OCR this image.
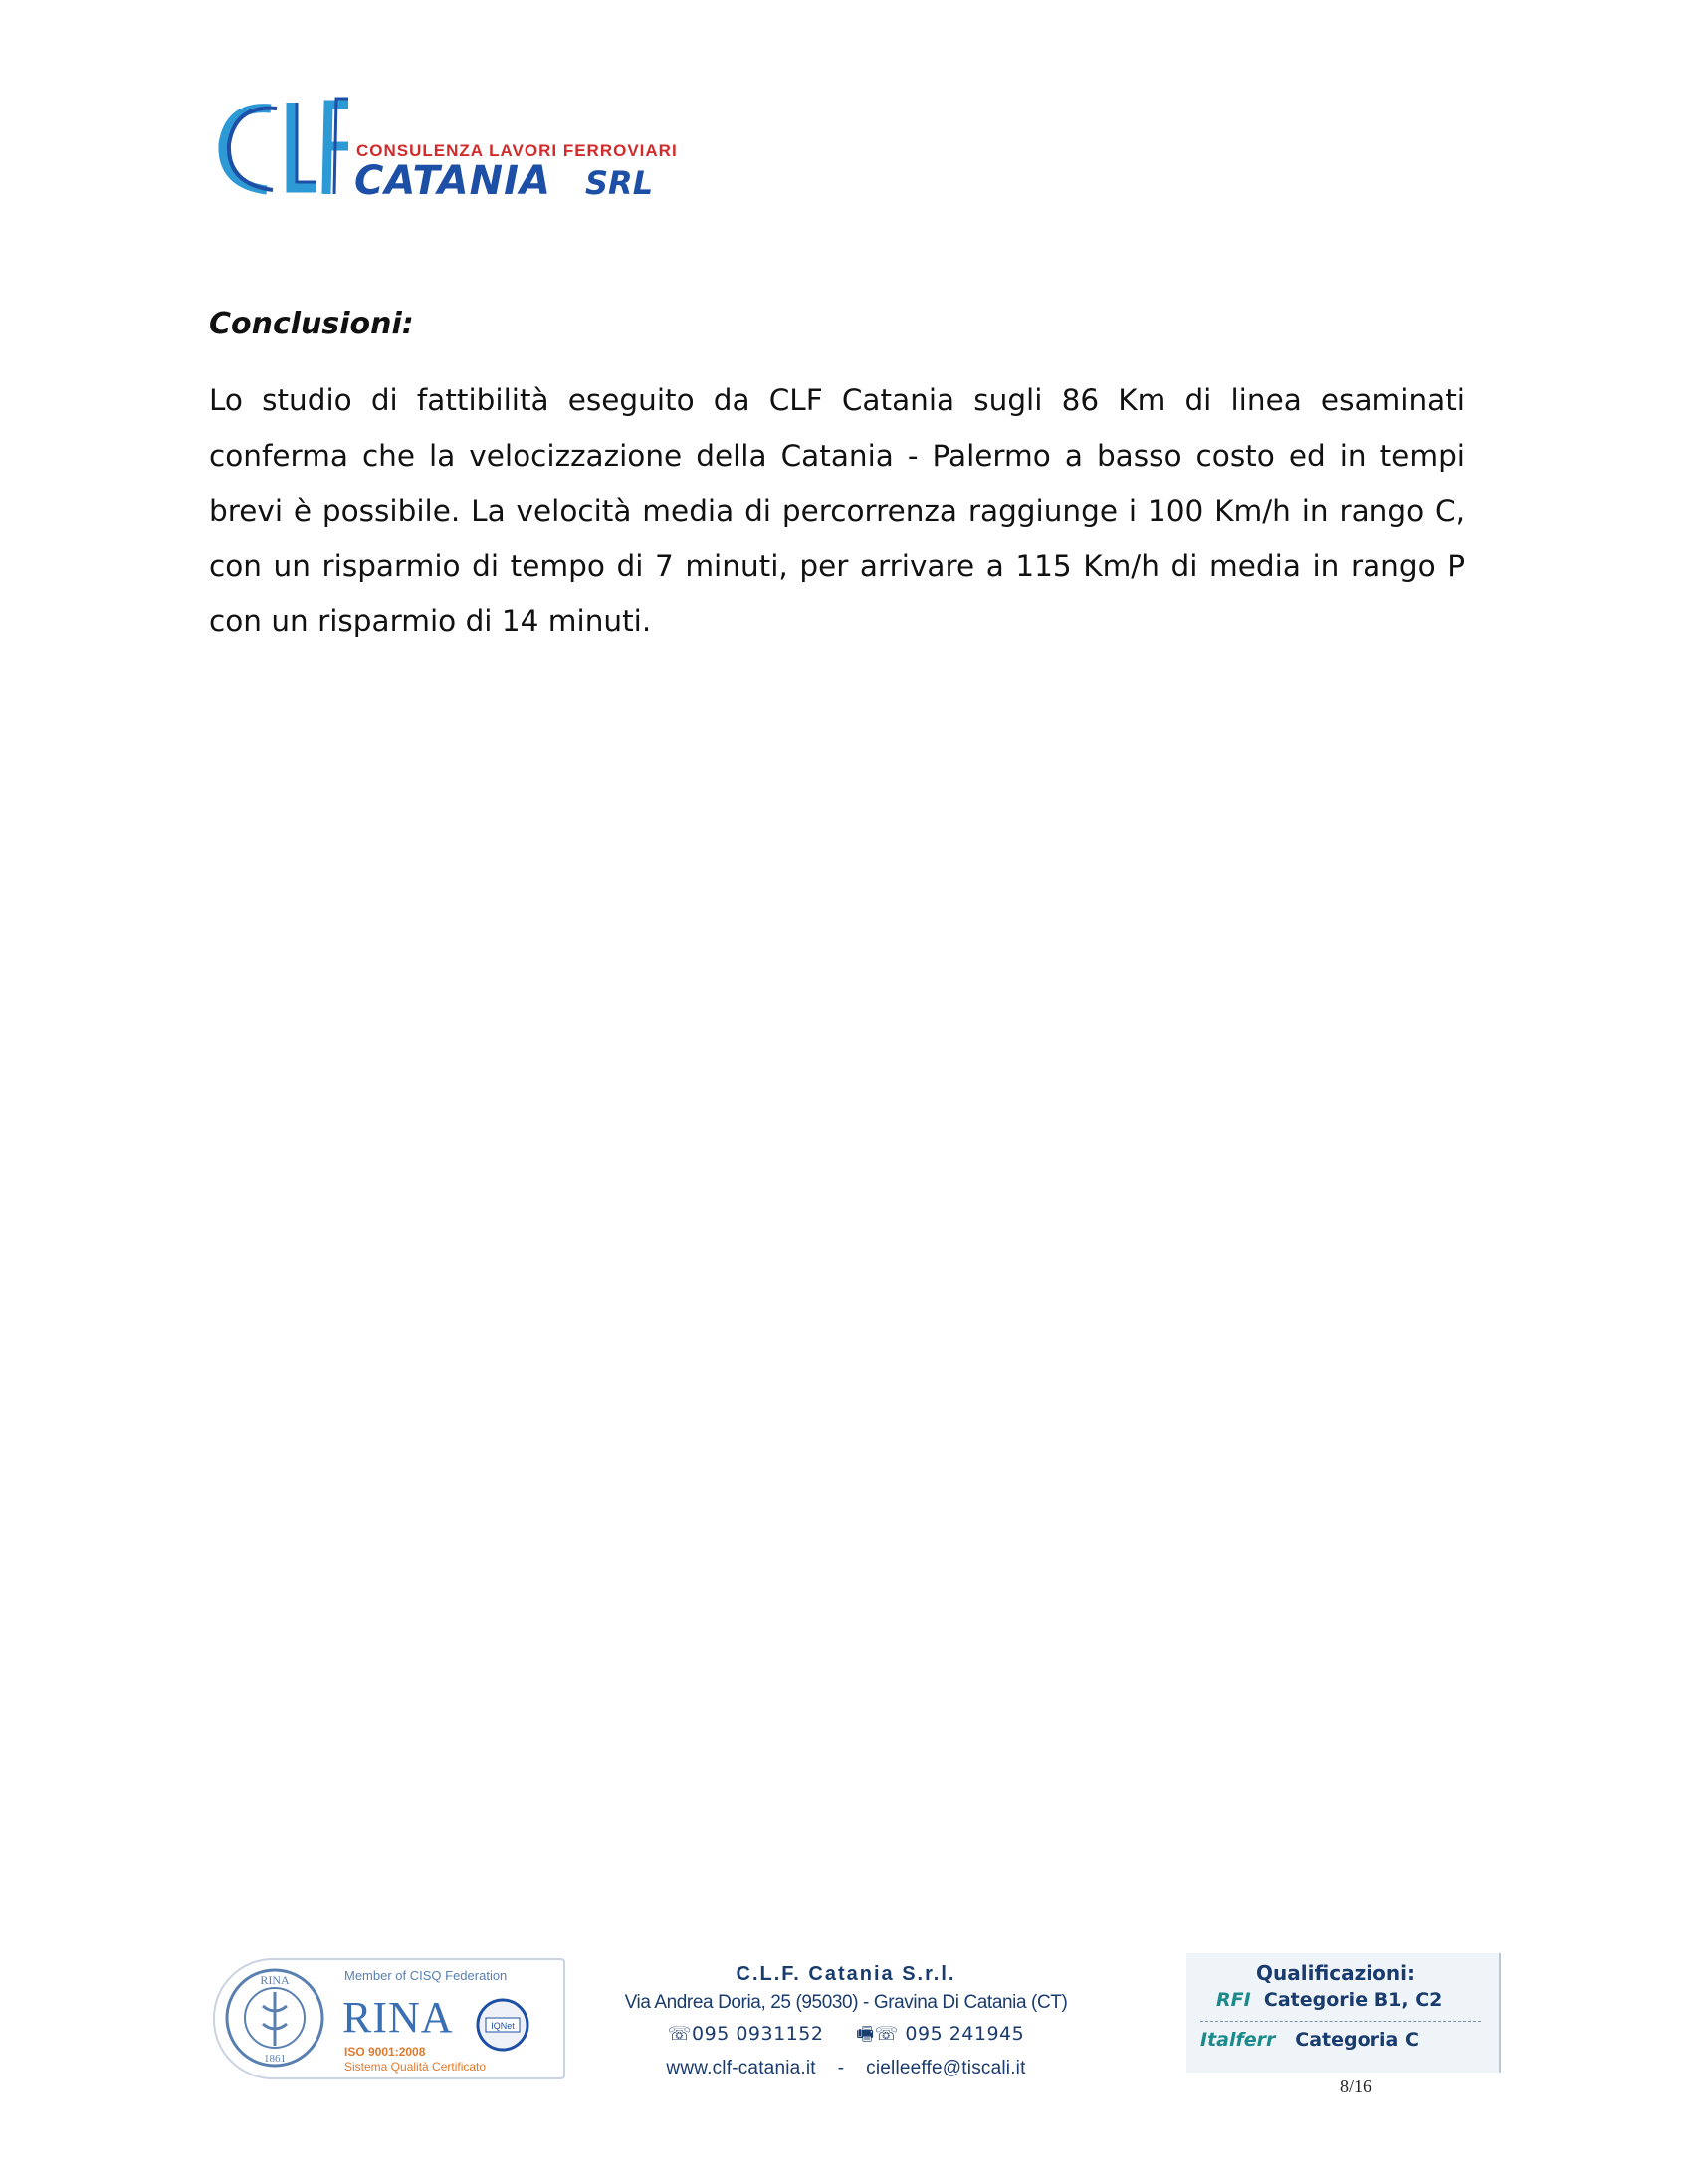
CONSULENZA LAVORI FERROVIARI
CATANIA SRL
Conclusioni:
Lo studio di fattibilità eseguito da CLF Catania sugli 86 Km di linea esaminati conferma che la velocizzazione della Catania - Palermo a basso costo ed in tempi brevi è possibile. La velocità media di percorrenza raggiunge i 100 Km/h in rango C, con un risparmio di tempo di 7 minuti, per arrivare a 115 Km/h di media in rango P con un risparmio di 14 minuti.
RINA
1861
Member of CISQ Federation
RINA	IQNet
ISO 9001:2008
Sistema Qualità Certificato
C.L.F. Catania S.r.l.
Via Andrea Doria, 25 (95030) - Gravina Di Catania (CT)
☏095 0931152 🖷☏ 095 241945
www.clf-catania.it - cielleeffe@tiscali.it
Qualificazioni:
RFI Categorie B1, C2
Italferr Categoria C
8/16
